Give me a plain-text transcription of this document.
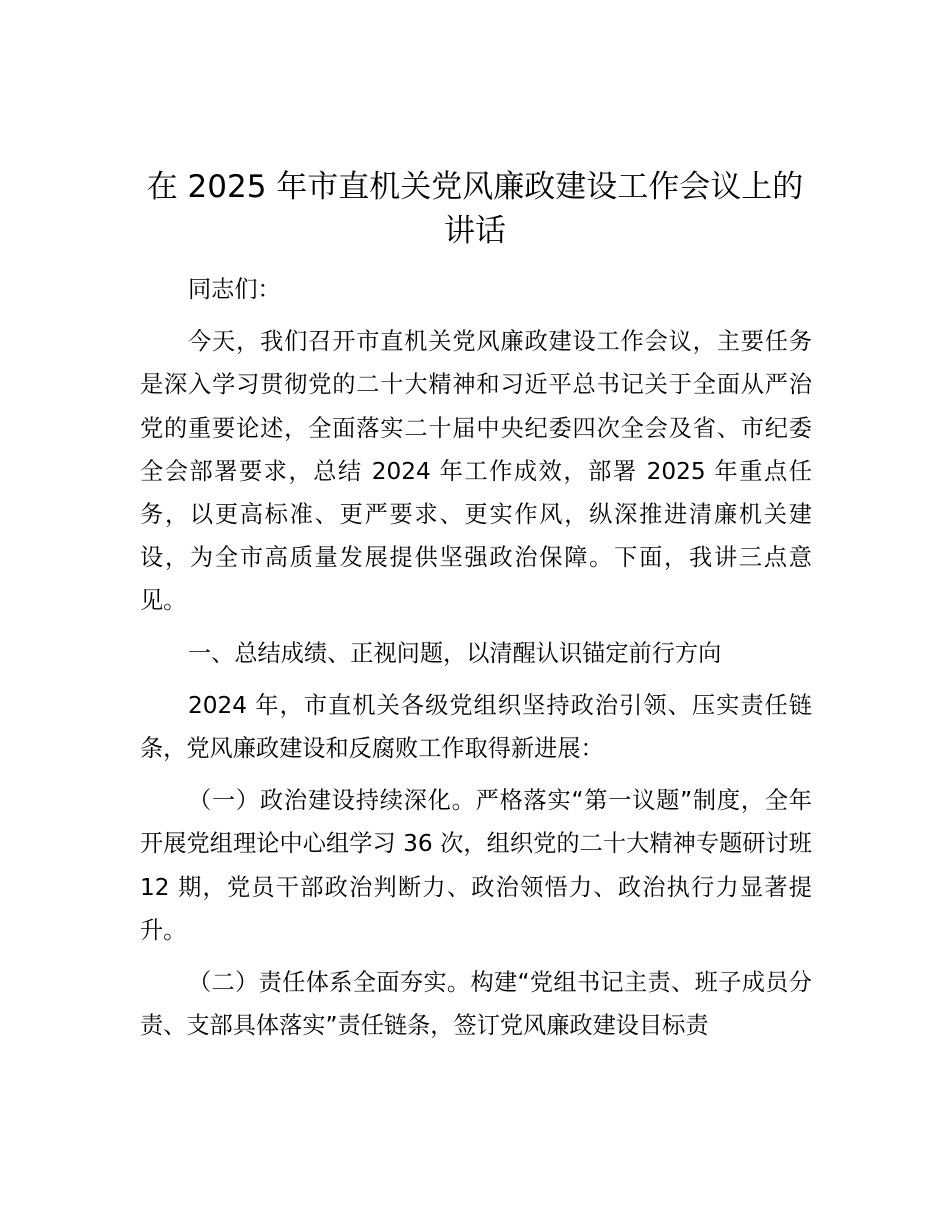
在 2025 年市直机关党风廉政建设工作会议上的讲话

同志们：

今天，我们召开市直机关党风廉政建设工作会议，主要任务是深入学习贯彻党的二十大精神和习近平总书记关于全面从严治党的重要论述，全面落实二十届中央纪委四次全会及省、市纪委全会部署要求，总结 2024 年工作成效，部署 2025 年重点任务，以更高标准、更严要求、更实作风，纵深推进清廉机关建设，为全市高质量发展提供坚强政治保障。下面，我讲三点意见。

一、总结成绩、正视问题，以清醒认识锚定前行方向

2024 年，市直机关各级党组织坚持政治引领、压实责任链条，党风廉政建设和反腐败工作取得新进展：

（一）政治建设持续深化。严格落实“第一议题”制度，全年开展党组理论中心组学习 36 次，组织党的二十大精神专题研讨班 12 期，党员干部政治判断力、政治领悟力、政治执行力显著提升。

（二）责任体系全面夯实。构建“党组书记主责、班子成员分责、支部具体落实”责任链条，签订党风廉政建设目标责
